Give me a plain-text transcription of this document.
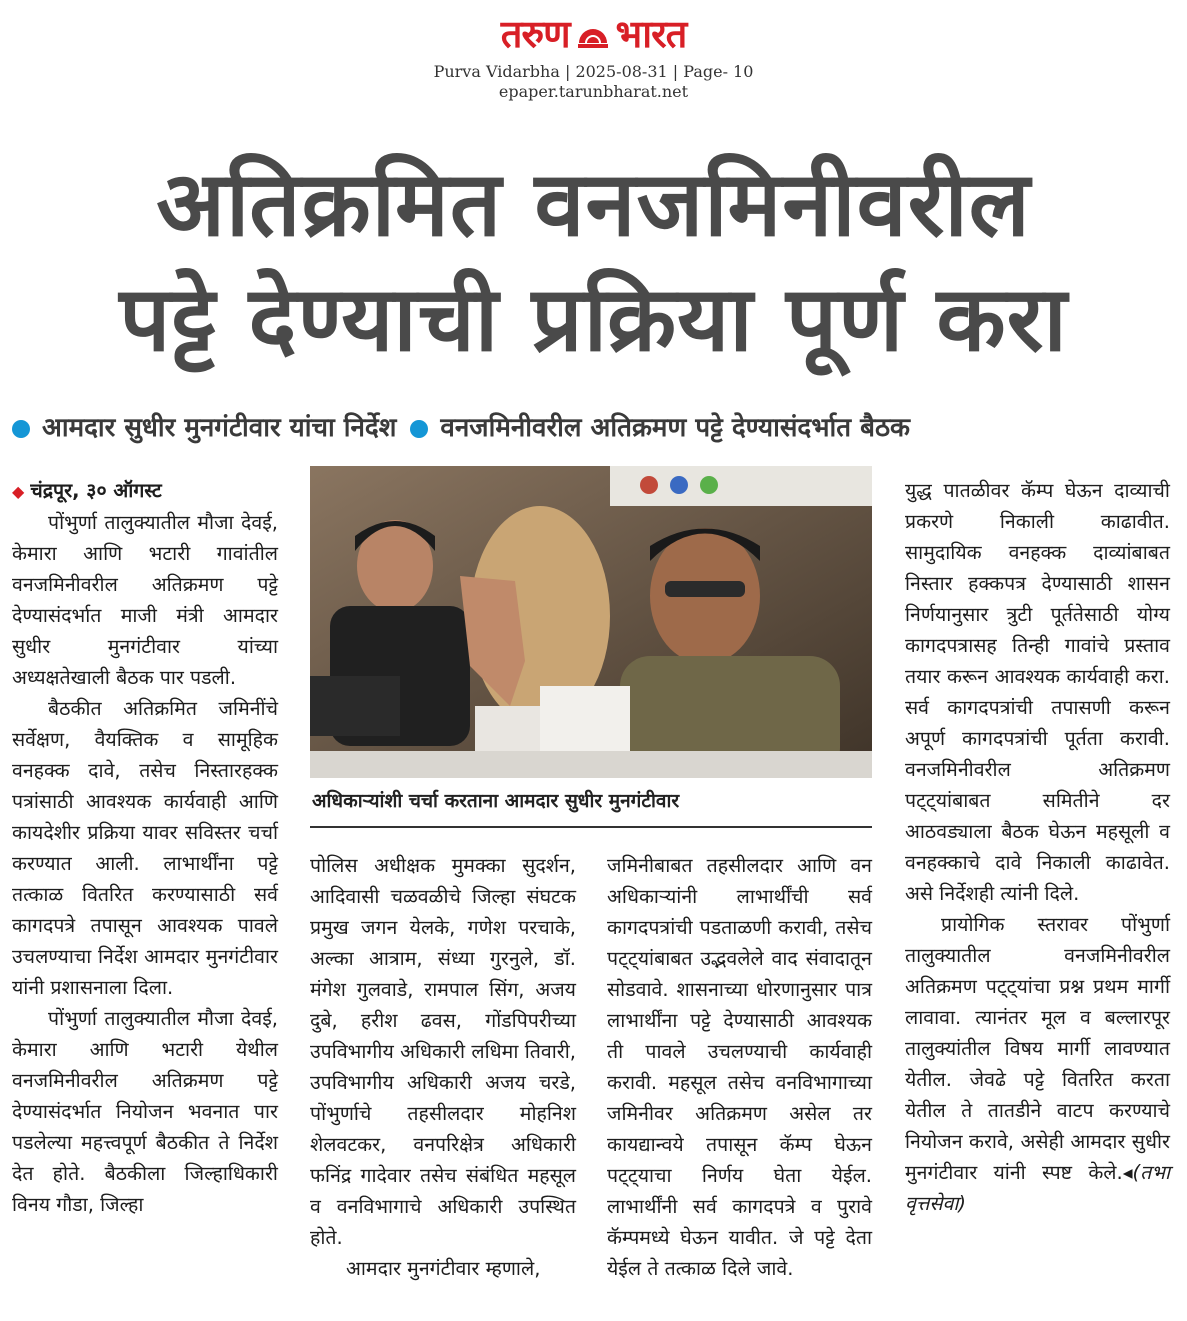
तरुण भारत
Purva Vidarbha | 2025-08-31 | Page- 10
epaper.tarunbharat.net
अतिक्रमित वनजमिनीवरील
पट्टे देण्याची प्रक्रिया पूर्ण करा
आमदार सुधीर मुनगंटीवार यांचा निर्देश वनजमिनीवरील अतिक्रमण पट्टे देण्यासंदर्भात बैठक

◆ चंद्रपूर, ३० ऑगस्ट

पोंभुर्णा तालुक्यातील मौजा देवई, केमारा आणि भटारी गावांतील वनजमिनीवरील अतिक्रमण पट्टे देण्यासंदर्भात माजी मंत्री आमदार सुधीर मुनगंटीवार यांच्या अध्यक्षतेखाली बैठक पार पडली.

बैठकीत अतिक्रमित जमिनींचे सर्वेक्षण, वैयक्तिक व सामूहिक वनहक्क दावे, तसेच निस्तारहक्क पत्रांसाठी आवश्यक कार्यवाही आणि कायदेशीर प्रक्रिया यावर सविस्तर चर्चा करण्यात आली. लाभार्थींना पट्टे तत्काळ वितरित करण्यासाठी सर्व कागदपत्रे तपासून आवश्यक पावले उचलण्याचा निर्देश आमदार मुनगंटीवार यांनी प्रशासनाला दिला.

पोंभुर्णा तालुक्यातील मौजा देवई, केमारा आणि भटारी येथील वनजमिनीवरील अतिक्रमण पट्टे देण्यासंदर्भात नियोजन भवनात पार पडलेल्या महत्त्वपूर्ण बैठकीत ते निर्देश देत होते. बैठकीला जिल्हाधिकारी विनय गौडा, जिल्हा

अधिकाऱ्यांशी चर्चा करताना आमदार सुधीर मुनगंटीवार

पोलिस अधीक्षक मुमक्का सुदर्शन, आदिवासी चळवळीचे जिल्हा संघटक प्रमुख जगन येलके, गणेश परचाके, अल्का आत्राम, संध्या गुरनुले, डॉ. मंगेश गुलवाडे, रामपाल सिंग, अजय दुबे, हरीश ढवस, गोंडपिपरीच्या उपविभागीय अधिकारी लधिमा तिवारी, उपविभागीय अधिकारी अजय चरडे, पोंभुर्णाचे तहसीलदार मोहनिश शेलवटकर, वनपरिक्षेत्र अधिकारी फनिंद्र गादेवार तसेच संबंधित महसूल व वनविभागाचे अधिकारी उपस्थित होते.

आमदार मुनगंटीवार म्हणाले,

जमिनीबाबत तहसीलदार आणि वन अधिकाऱ्यांनी लाभार्थींची सर्व कागदपत्रांची पडताळणी करावी, तसेच पट्ट्यांबाबत उद्भवलेले वाद संवादातून सोडवावे. शासनाच्या धोरणानुसार पात्र लाभार्थींना पट्टे देण्यासाठी आवश्यक ती पावले उचलण्याची कार्यवाही करावी. महसूल तसेच वनविभागाच्या जमिनीवर अतिक्रमण असेल तर कायद्यान्वये तपासून कॅम्प घेऊन पट्ट्याचा निर्णय घेता येईल. लाभार्थींनी सर्व कागदपत्रे व पुरावे कॅम्पमध्ये घेऊन यावीत. जे पट्टे देता येईल ते तत्काळ दिले जावे.

युद्ध पातळीवर कॅम्प घेऊन दाव्याची प्रकरणे निकाली काढावीत. सामुदायिक वनहक्क दाव्यांबाबत निस्तार हक्कपत्र देण्यासाठी शासन निर्णयानुसार त्रुटी पूर्ततेसाठी योग्य कागदपत्रासह तिन्ही गावांचे प्रस्ताव तयार करून आवश्यक कार्यवाही करा. सर्व कागदपत्रांची तपासणी करून अपूर्ण कागदपत्रांची पूर्तता करावी. वनजमिनीवरील अतिक्रमण पट्ट्यांबाबत समितीने दर आठवड्याला बैठक घेऊन महसूली व वनहक्काचे दावे निकाली काढावेत. असे निर्देशही त्यांनी दिले.

प्रायोगिक स्तरावर पोंभुर्णा तालुक्यातील वनजमिनीवरील अतिक्रमण पट्ट्यांचा प्रश्न प्रथम मार्गी लावावा. त्यानंतर मूल व बल्लारपूर तालुक्यांतील विषय मार्गी लावण्यात येतील. जेवढे पट्टे वितरित करता येतील ते तातडीने वाटप करण्याचे नियोजन करावे, असेही आमदार सुधीर मुनगंटीवार यांनी स्पष्ट केले.◂(तभा वृत्तसेवा)
